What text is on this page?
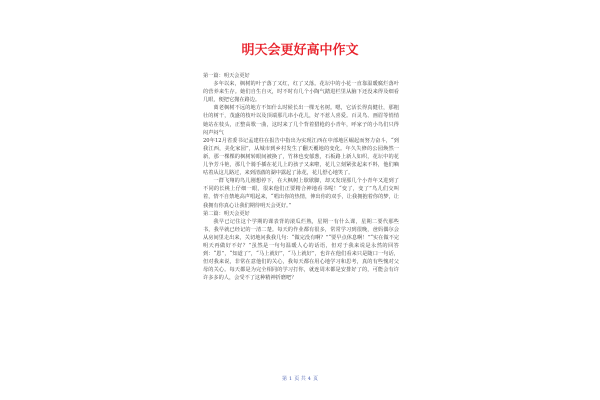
明天会更好高中作文

第一篇：明天会更好

多年以来，枫树的叶子落了又红，红了又落。花坛中的小花一直靠温暖腐烂落叶的营养来生存。她们自生自灭，时不时有几个小陶气踏进栏里从脑下还没来得及细看几眼，便把它抛在路边。

离老枫树不远的地方不知什么时候长出一棵无名树。嗯，它活长得真健壮，那粗壮的树干，茂盛的枝叶以及顶端那几串小花儿，好不惹人喜爱。百灵鸟、画眉等悄悄她站在枝头，正整高歌一曲，这时来了几个背着猎枪的小青年，呼家子的小鸟们只得闷声闷气

20年12月省委书记孟建柱在报告中指出为实现江西在中部地区崛起而努力奋斗，“到我江西，美化家园”，从城市到乡村发生了翻天覆地的变化。年久失修的公园焕然一新，那一棵棵的枫树转眼间被换了，竹林也变郁葱，石板路上新人如织，花坛中的花儿争芳斗艳，那几个骑手插在花儿上的孩子又来啦，花儿立刻紧张起来不料，他们嘀咕着从这儿路过，来到清澈的湖中露起了泳花，花儿舒心地笑了。

一群飞翔的鸟儿刚想停下，在大枫树上歇歇脚，却又发现那几个小青年又进到了不同的长桃上仔细一眼，很来他们正要精合神地看书呢！“变了，变了”鸟儿们交叫着，情不自禁地高声唱起来，“唱出你的热情，伸出你的双手，让我拥抱着你的梦，让我拥有你真心让我们期待明天会更好。”

第二篇：明天会更好

我早已记住这个学期的课表背的滚瓜烂熟，星期一有什么课，星期二要代那些书，我早就已经记的一清二楚。每天的作业都有很多，常常学习到很晚，爸妈偶尔会从房间里走出来，关切地问我我几句：“做完没有啊？”“要早点休息啊！”“实在做不完明天再做好不好？”虽然是一句句温暖人心的话语，但对于我来说是永然的回答到：“恩”，“知道了”，“马上就好”，“马上就好”，也许在他们看来只是随口一句话，但对我来说，非常在意他们的关心，我每天都在用心地学习和思考，真的有些愧对父母的关心。每天都是为完全相同的学习打你，就连周末都是安排好了的，可能会有许许多多的人，会受不了这种精神折磨吧？

第 1 页 共 4 页
